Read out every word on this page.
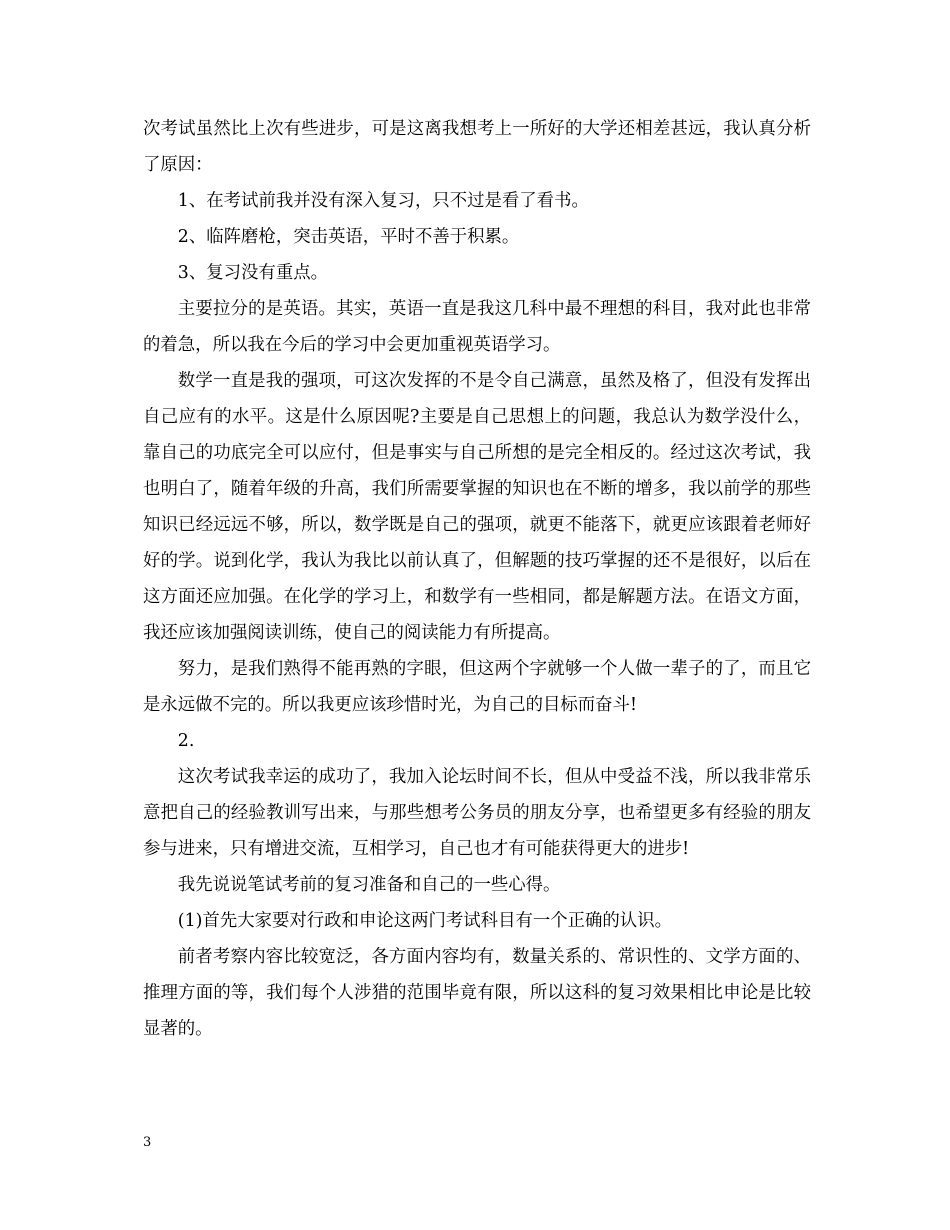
次考试虽然比上次有些进步，可是这离我想考上一所好的大学还相差甚远，我认真分析了原因：

1、在考试前我并没有深入复习，只不过是看了看书。

2、临阵磨枪，突击英语，平时不善于积累。

3、复习没有重点。

主要拉分的是英语。其实，英语一直是我这几科中最不理想的科目，我对此也非常的着急，所以我在今后的学习中会更加重视英语学习。

数学一直是我的强项，可这次发挥的不是令自己满意，虽然及格了，但没有发挥出自己应有的水平。这是什么原因呢?主要是自己思想上的问题，我总认为数学没什么，靠自己的功底完全可以应付，但是事实与自己所想的是完全相反的。经过这次考试，我也明白了，随着年级的升高，我们所需要掌握的知识也在不断的增多，我以前学的那些知识已经远远不够，所以，数学既是自己的强项，就更不能落下，就更应该跟着老师好好的学。说到化学，我认为我比以前认真了，但解题的技巧掌握的还不是很好，以后在这方面还应加强。在化学的学习上，和数学有一些相同，都是解题方法。在语文方面，我还应该加强阅读训练，使自己的阅读能力有所提高。

努力，是我们熟得不能再熟的字眼，但这两个字就够一个人做一辈子的了，而且它是永远做不完的。所以我更应该珍惜时光，为自己的目标而奋斗!

2.

这次考试我幸运的成功了，我加入论坛时间不长，但从中受益不浅，所以我非常乐意把自己的经验教训写出来，与那些想考公务员的朋友分享，也希望更多有经验的朋友参与进来，只有增进交流，互相学习，自己也才有可能获得更大的进步!

我先说说笔试考前的复习准备和自己的一些心得。

(1)首先大家要对行政和申论这两门考试科目有一个正确的认识。

前者考察内容比较宽泛，各方面内容均有，数量关系的、常识性的、文学方面的、推理方面的等，我们每个人涉猎的范围毕竟有限，所以这科的复习效果相比申论是比较显著的。

3
